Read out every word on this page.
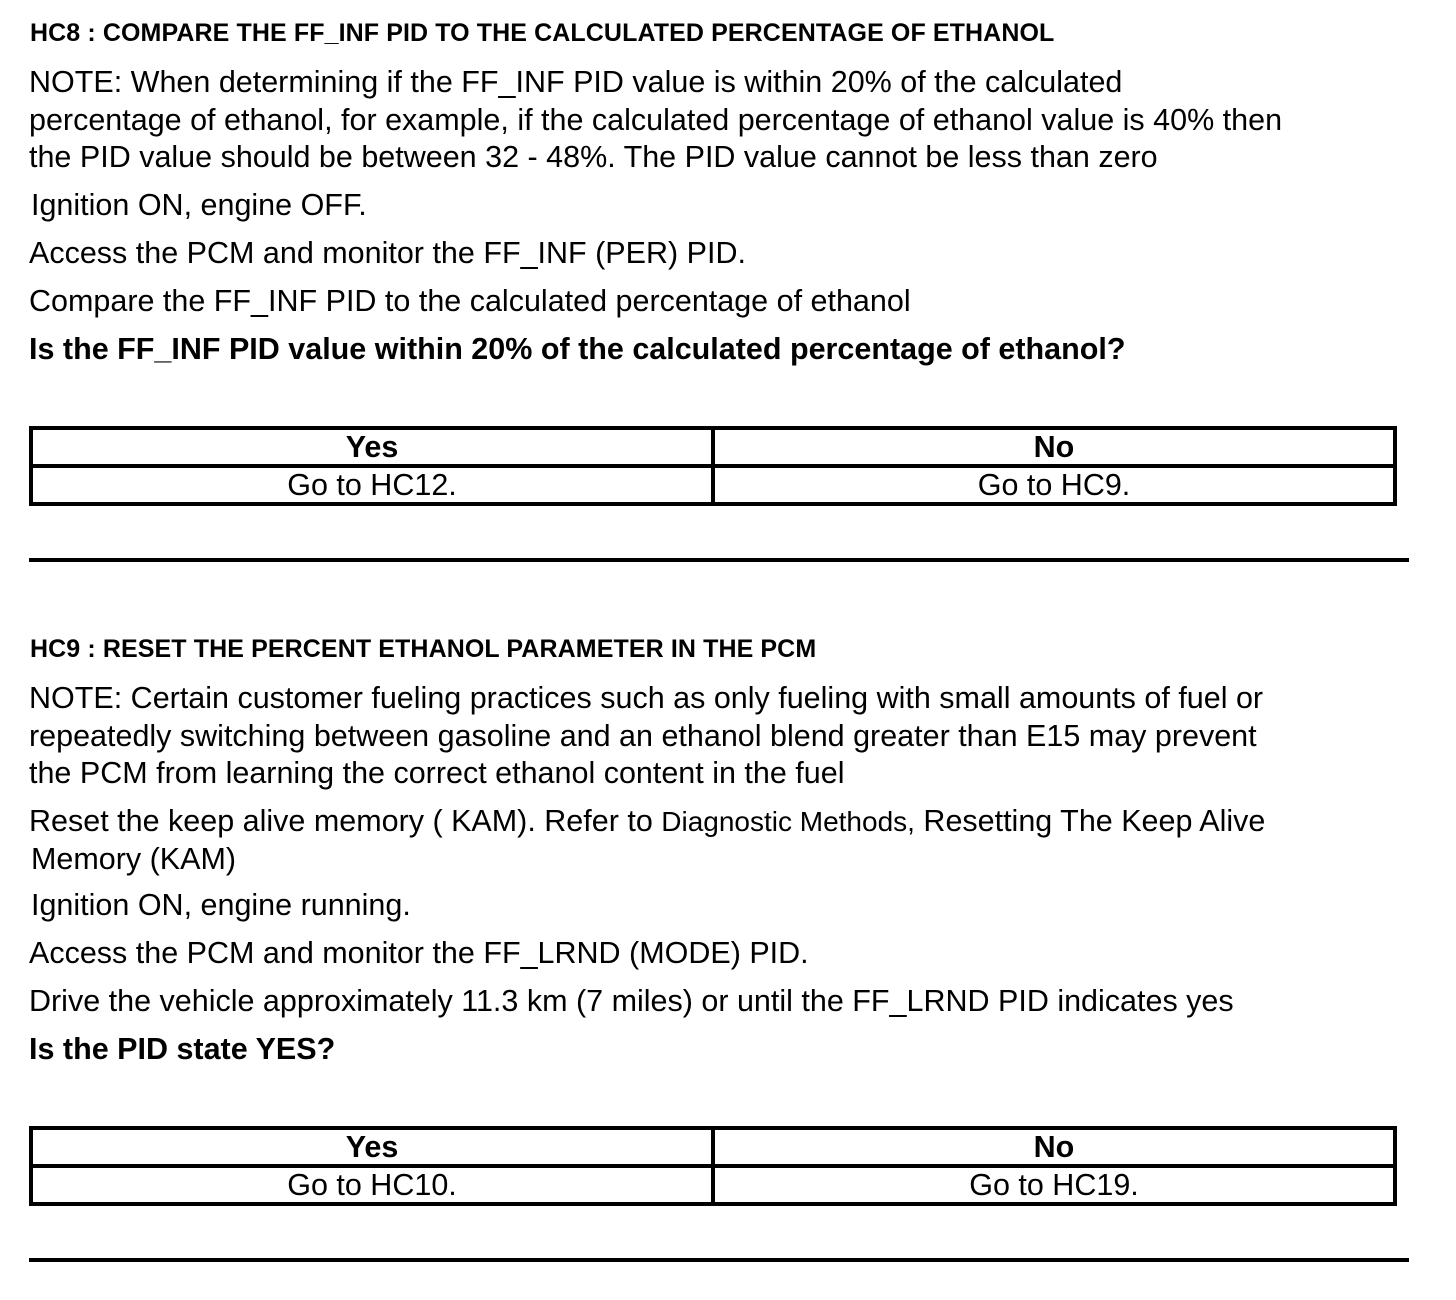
HC8 : COMPARE THE FF_INF PID TO THE CALCULATED PERCENTAGE OF ETHANOL
NOTE: When determining if the FF_INF PID value is within 20% of the calculated
percentage of ethanol, for example, if the calculated percentage of ethanol value is 40% then
the PID value should be between 32 - 48%. The PID value cannot be less than zero
Ignition ON, engine OFF.
Access the PCM and monitor the FF_INF (PER) PID.
Compare the FF_INF PID to the calculated percentage of ethanol
Is the FF_INF PID value within 20% of the calculated percentage of ethanol?
Yes	No
Go to HC12.	Go to HC9.
HC9 : RESET THE PERCENT ETHANOL PARAMETER IN THE PCM
NOTE: Certain customer fueling practices such as only fueling with small amounts of fuel or
repeatedly switching between gasoline and an ethanol blend greater than E15 may prevent
the PCM from learning the correct ethanol content in the fuel
Reset the keep alive memory ( KAM). Refer to Diagnostic Methods, Resetting The Keep Alive
Memory (KAM)
Ignition ON, engine running.
Access the PCM and monitor the FF_LRND (MODE) PID.
Drive the vehicle approximately 11.3 km (7 miles) or until the FF_LRND PID indicates yes
Is the PID state YES?
Yes	No
Go to HC10.	Go to HC19.
